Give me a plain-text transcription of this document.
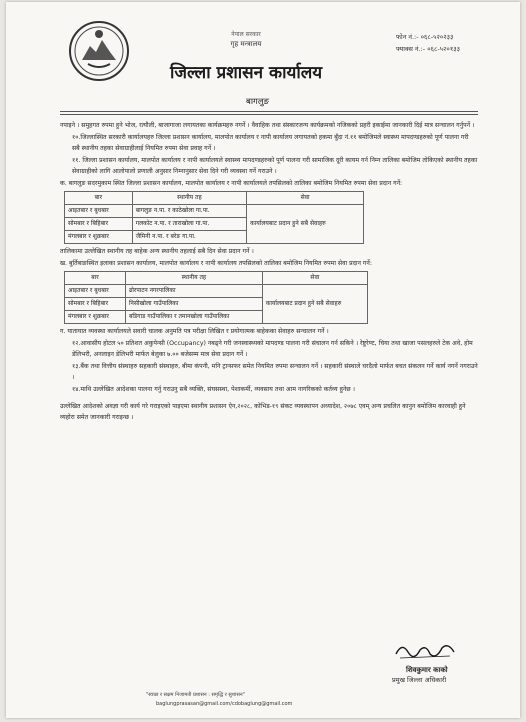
नेपाल सरकार
गृह मन्त्रालय
फोन नं.:- ०६८-५२०२३३
फ्याक्स नं.:- ०६८-५२०१३३
जिल्ला प्रशासन कार्यालय
बागलुङ

नपाइने । समुहगत रुपमा हुने भोज, रत्यौली, बाजागाजा लगायतका कार्यक्रमहरु नगर्ने । वैवाहिक तथा संस्कारजन्य कार्यक्रमको नजिकको प्रहरी इकाईमा जानकारी दिई मात्र सन्चालन गर्नुपर्ने ।

१०.जिल्लास्थित सरकारी कार्यालयहरु जिल्ला प्रशासन कार्यालय, मालपोत कार्यालय र नापी कार्यालय लगायतको हकमा बुँदा नं.११ बमोजिमले स्वास्थ्य मापदण्डहरुको पूर्ण पालना गरी सबै स्थानीय तहका सेवाग्राहीलाई नियमित रुपमा सेवा प्रवाह गर्ने ।

११. जिल्ला प्रशासन कार्यालय, मालपोत कार्यालय र नापी कार्यालयले स्वास्थ्य मापदण्डहरुको पूर्ण पालना गरी सामाजिक दूरी कायम गर्न निम्न तालिका बमोजिम तोकिएको स्थानीय तहका सेवाग्राहीको लागि आलोपालो प्रणाली अनुसार निम्नानुसार सेवा दिने गरी व्यवस्था गर्ने गराउने ।

क. बागलुङ सदरमुकाम स्थित जिल्ला प्रशासन कार्यालय, मालपोत कार्यालय र नापी कार्यालयले तपसिलको तालिका बमोजिम नियमित रुपमा सेवा प्रदान गर्ने:

बार	स्थानीय तह	सेवा
आइतबार र बुधबार	बागलुङ न.पा. र काठेखोला गा.पा.	कार्यालयबाट प्रदान हुने सबै सेवाहरु
सोमबार र बिहिबार	गलकोट न.पा. र ताराखोला गा.पा.	
मंगलबार र शुक्रबार	जैमिनी न.पा. र बरेङ गा.पा.	

तालिकामा उल्लेखित स्थानीय तह बाहेक अन्य स्थानीय तहलाई सबै दिन सेवा प्रदान गर्ने ।

ख. बुर्तिबाङस्थित इलाका प्रशासन कार्यालय, मालपोत कार्यालय र नापी कार्यालय तपसिलको तालिका बमोजिम नियमित रुपमा सेवा प्रदान गर्ने:

बार	स्थानीय तह	सेवा
आइतबार र बुधबार	ढोरपाटन नगरपालिका	कार्यालयबाट प्रदान हुने सबै सेवाहरु
सोमबार र बिहिबार	निसीखोला गाउँपालिका	
मंगलबार र शुक्रबार	बडिगाड गाउँपालिका र तमानखोला गाउँपालिका	

ग. यातायात व्यवस्था कार्यालयले सवारी चालक अनुमति पत्र परीक्षा लिखित र प्रयोगात्मक बाहेकका सेवाहरु सन्चालन गर्ने ।

१२.आवासीय होटल ५० प्रतिशत अकुपेन्सी (Occupancy) नबढ्ने गरी जनस्वास्थ्यको मापदण्ड पालना गरी संचालन गर्न सकिने । रेष्टुरेण्ट, चिया तथा खाजा पसलहरुले टेक अवे, होम डेलिभरी, अनलाइन डेलिभरी मार्फत बेलुका ७.०० बजेसम्म मात्र सेवा प्रदान गर्ने ।

१३.बैंक तथा वित्तीय संस्थाहरु सहकारी संस्थाहरु, बीमा कंपनी, मनि ट्रान्सफर समेत नियमित रुपमा सन्चालन गर्ने । सहकारी संस्थाले घरदैलो मार्फत बचत संकलन गर्ने कार्य नगर्ने नगराउने ।

१४.माथि उल्लेखित आदेशका पालना गर्नु गराउनु सबै व्यक्ति, संघसस्था, पेशाकर्मी, व्यवसाय तथा आम नागरिकको कर्तव्य हुनेछ ।

उल्लेखित आदेशको अवज्ञा गरी कार्य गरे गराइएको पाइएमा स्थानीय प्रशासन ऐन,२०२८, कोभिड-१९ संकट व्यवस्थापन अध्यादेश, २०७८ एवम् अन्य प्रचलित कानुन बमोजिम कारवाही हुने व्यहोरा समेत जानकारी गराइन्छ ।

शिवकुमार काको
प्रमुख जिल्ला अधिकारी
"स्वच्छ र सक्षम निजामती प्रशासन : समृद्धि र सुशासन"
baglungprasasan@gmail.com/cdobaglung@gmail.com
